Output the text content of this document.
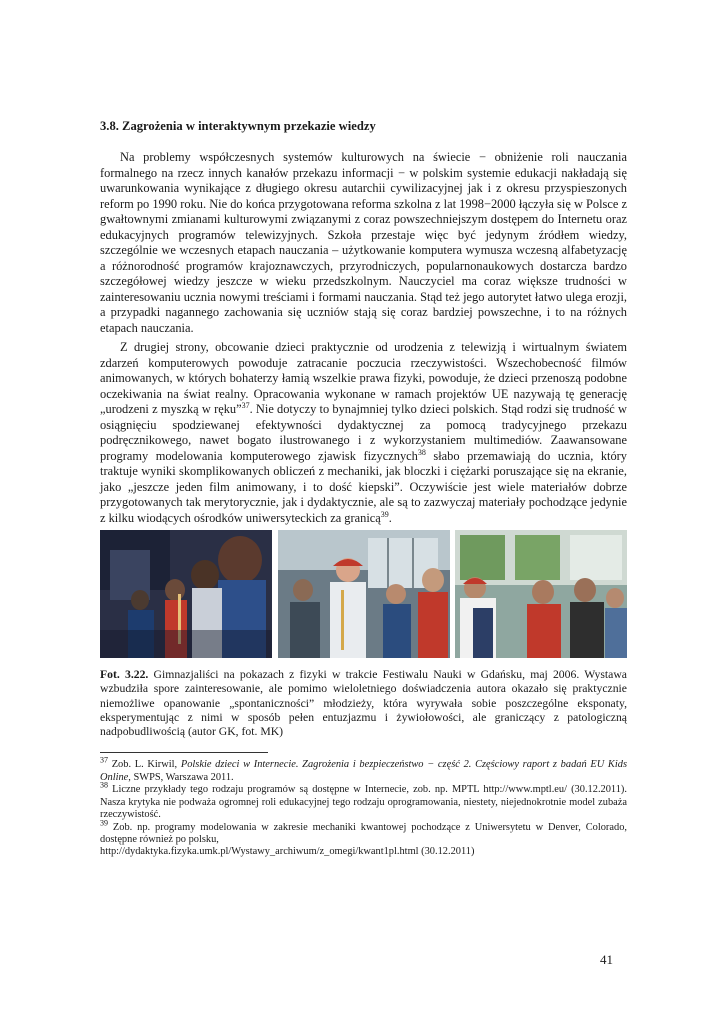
3.8. Zagrożenia w interaktywnym przekazie wiedzy

Na problemy współczesnych systemów kulturowych na świecie − obniżenie roli nauczania formalnego na rzecz innych kanałów przekazu informacji − w polskim systemie edukacji nakładają się uwarunkowania wynikające z długiego okresu autarchii cywilizacyjnej jak i z okresu przyspieszonych reform po 1990 roku. Nie do końca przygotowana reforma szkolna z lat 1998−2000 łączyła się w Polsce z gwałtownymi zmianami kulturowymi związanymi z coraz powszechniejszym dostępem do Internetu oraz edukacyjnych programów telewizyjnych. Szkoła przestaje więc być jedynym źródłem wiedzy, szczególnie we wczesnych etapach nauczania – użytkowanie komputera wymusza wczesną alfabetyzację a różnorodność programów krajoznawczych, przyrodniczych, popularnonaukowych dostarcza bardzo szczegółowej wiedzy jeszcze w wieku przedszkolnym. Nauczyciel ma coraz większe trudności w zainteresowaniu ucznia nowymi treściami i formami nauczania. Stąd też jego autorytet łatwo ulega erozji, a przypadki nagannego zachowania się uczniów stają się coraz bardziej powszechne, i to na różnych etapach nauczania.

Z drugiej strony, obcowanie dzieci praktycznie od urodzenia z telewizją i wirtualnym światem zdarzeń komputerowych powoduje zatracanie poczucia rzeczywistości. Wszechobecność filmów animowanych, w których bohaterzy łamią wszelkie prawa fizyki, powoduje, że dzieci przenoszą podobne oczekiwania na świat realny. Opracowania wykonane w ramach projektów UE nazywają tę generację „urodzeni z myszką w ręku”$^{37}$. Nie dotyczy to bynajmniej tylko dzieci polskich. Stąd rodzi się trudność w osiągnięciu spodziewanej efektywności dydaktycznej za pomocą tradycyjnego przekazu podręcznikowego, nawet bogato ilustrowanego i z wykorzystaniem multimediów. Zaawansowane programy modelowania komputerowego zjawisk fizycznych$^{38}$ słabo przemawiają do ucznia, który traktuje wyniki skomplikowanych obliczeń z mechaniki, jak bloczki i ciężarki poruszające się na ekranie, jako „jeszcze jeden film animowany, i to dość kiepski”. Oczywiście jest wiele materiałów dobrze przygotowanych tak merytorycznie, jak i dydaktycznie, ale są to zazwyczaj materiały pochodzące jedynie z kilku wiodących ośrodków uniwersyteckich za granicą$^{39}$.

Fot. 3.22. Gimnazjaliści na pokazach z fizyki w trakcie Festiwalu Nauki w Gdańsku, maj 2006. Wystawa wzbudziła spore zainteresowanie, ale pomimo wieloletniego doświadczenia autora okazało się praktycznie niemożliwe opanowanie „spontaniczności” młodzieży, która wyrywała sobie poszczególne eksponaty, eksperymentując z nimi w sposób pełen entuzjazmu i żywiołowości, ale graniczący z patologiczną nadpobudliwością (autor GK, fot. MK)

$^{37}$ Zob. L. Kirwil, Polskie dzieci w Internecie. Zagrożenia i bezpieczeństwo − część 2. Częściowy raport z badań EU Kids Online, SWPS, Warszawa 2011.
$^{38}$ Liczne przykłady tego rodzaju programów są dostępne w Internecie, zob. np. MPTL http://www.mptl.eu/ (30.12.2011). Nasza krytyka nie podważa ogromnej roli edukacyjnej tego rodzaju oprogramowania, niestety, niejednokrotnie model zubaża rzeczywistość.
$^{39}$ Zob. np. programy modelowania w zakresie mechaniki kwantowej pochodzące z Uniwersytetu w Denver, Colorado, dostępne również po polsku,
http://dydaktyka.fizyka.umk.pl/Wystawy_archiwum/z_omegi/kwant1pl.html (30.12.2011)
41
